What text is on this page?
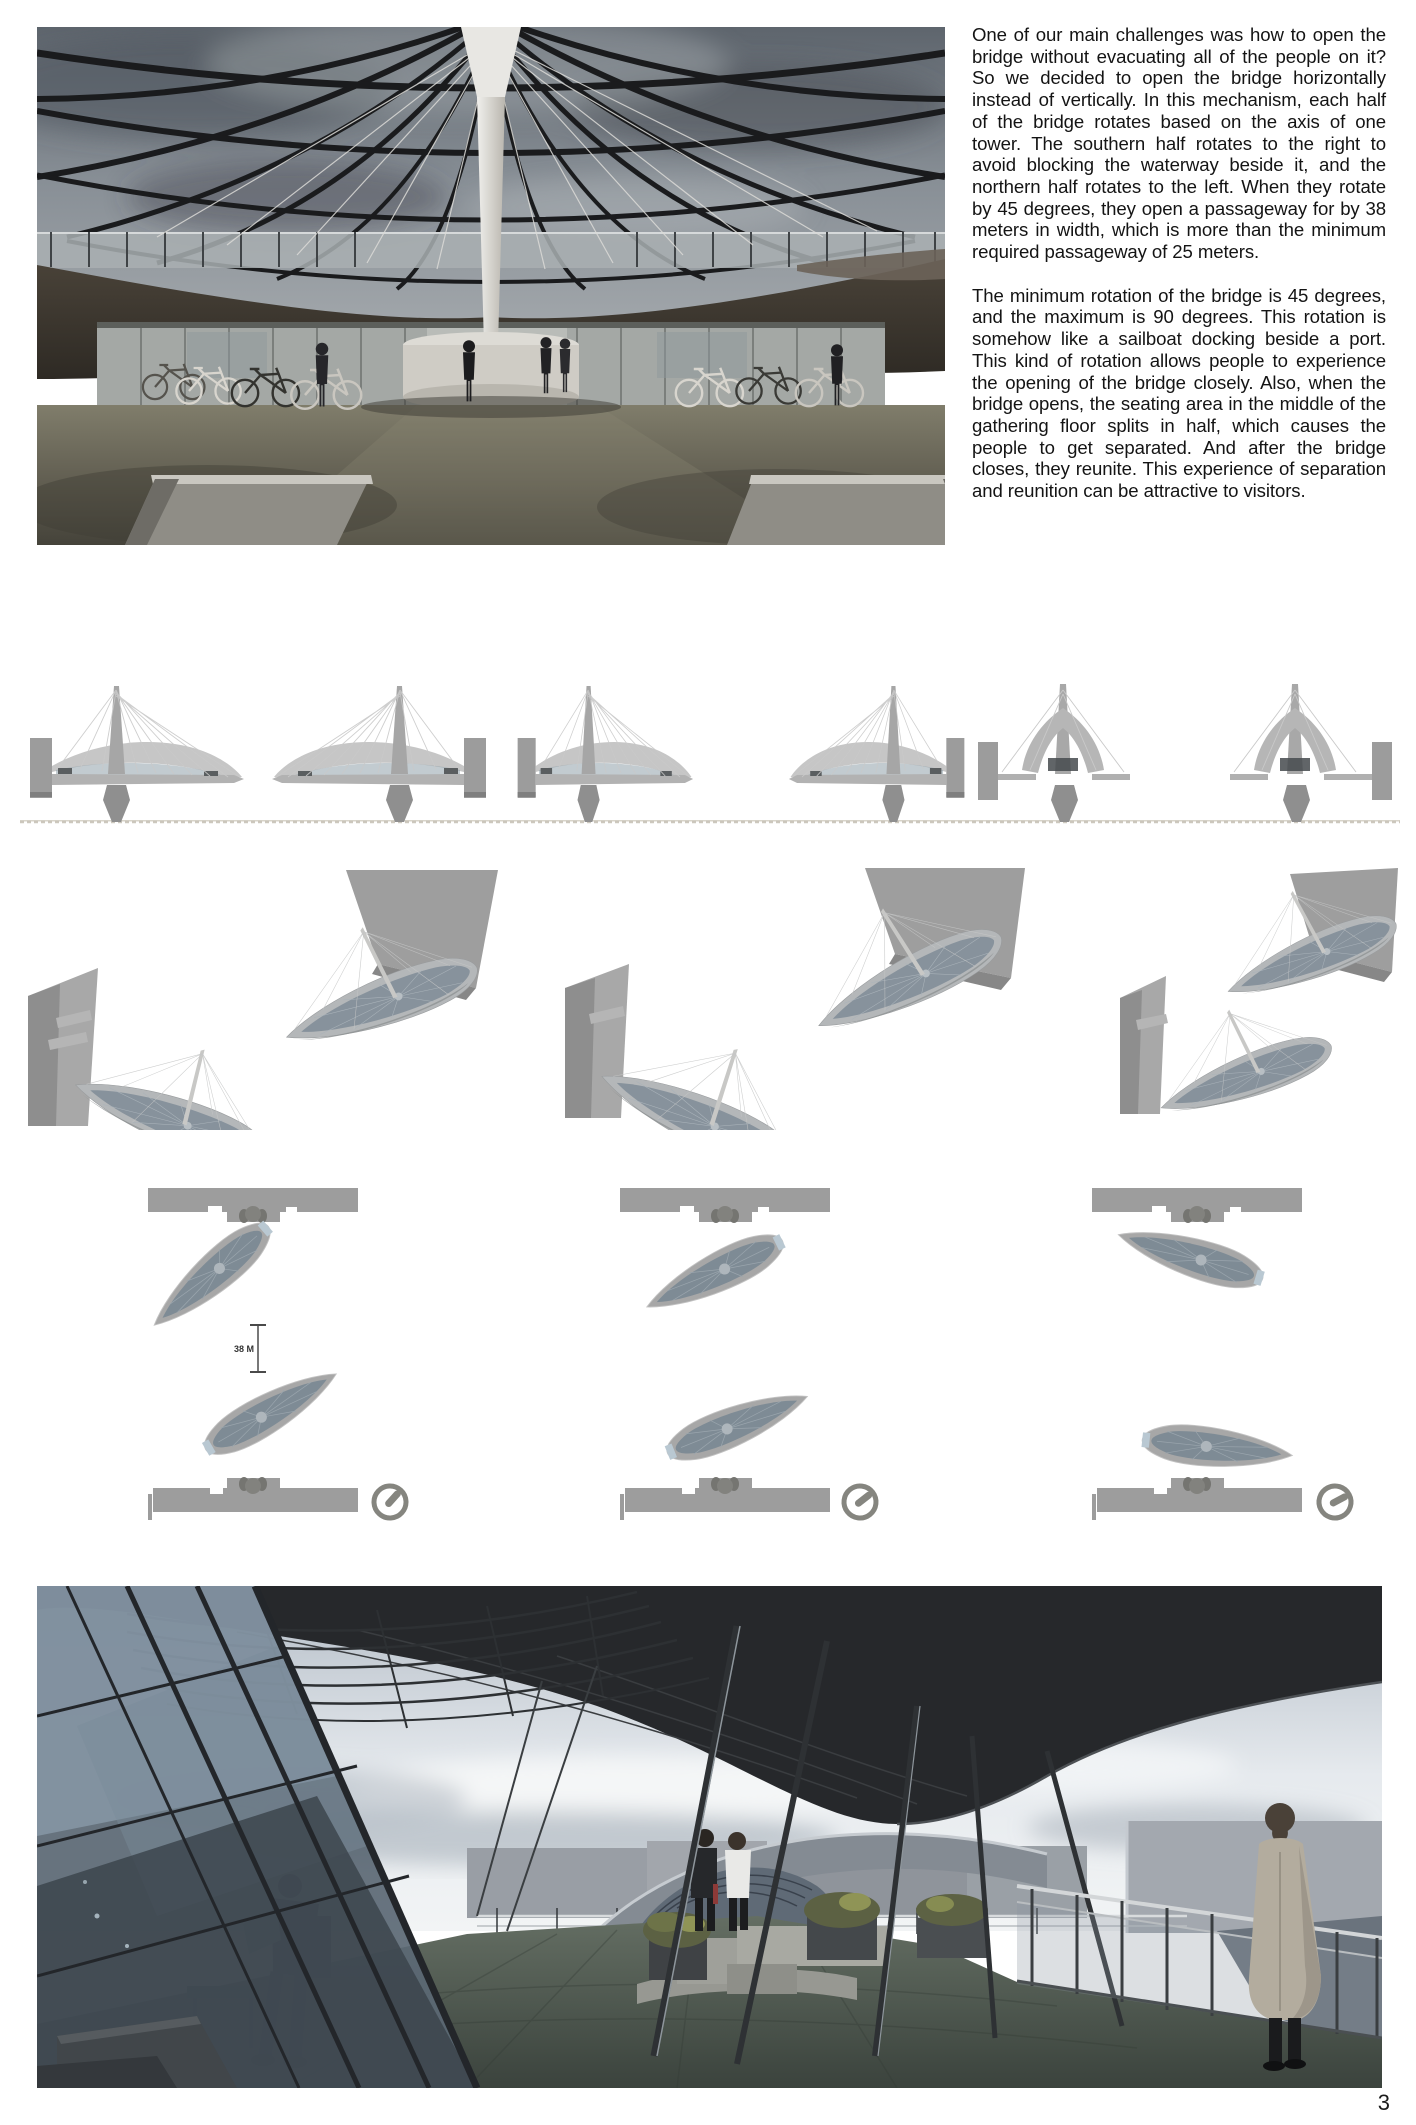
One of our main challenges was how to open the bridge without evacuating all of the people on it? So we decided to open the bridge horizontally instead of vertically. In this mechanism, each half of the bridge rotates based on the axis of one tower. The southern half rotates to the right to avoid blocking the waterway beside it, and the northern half rotates to the left. When they rotate by 45 degrees, they open a passageway for by 38 meters in width, which is more than the minimum required passageway of 25 meters.

The minimum rotation of the bridge is 45 degrees, and the maximum is 90 degrees. This rotation is somehow like a sailboat docking beside a port. This kind of rotation allows people to experience the opening of the bridge closely. Also, when the bridge opens, the seating area in the middle of the gathering floor splits in half, which causes the people to get separated. And after the bridge closes, they reunite. This experience of separation and reunition can be attractive to visitors.

38 M
3
